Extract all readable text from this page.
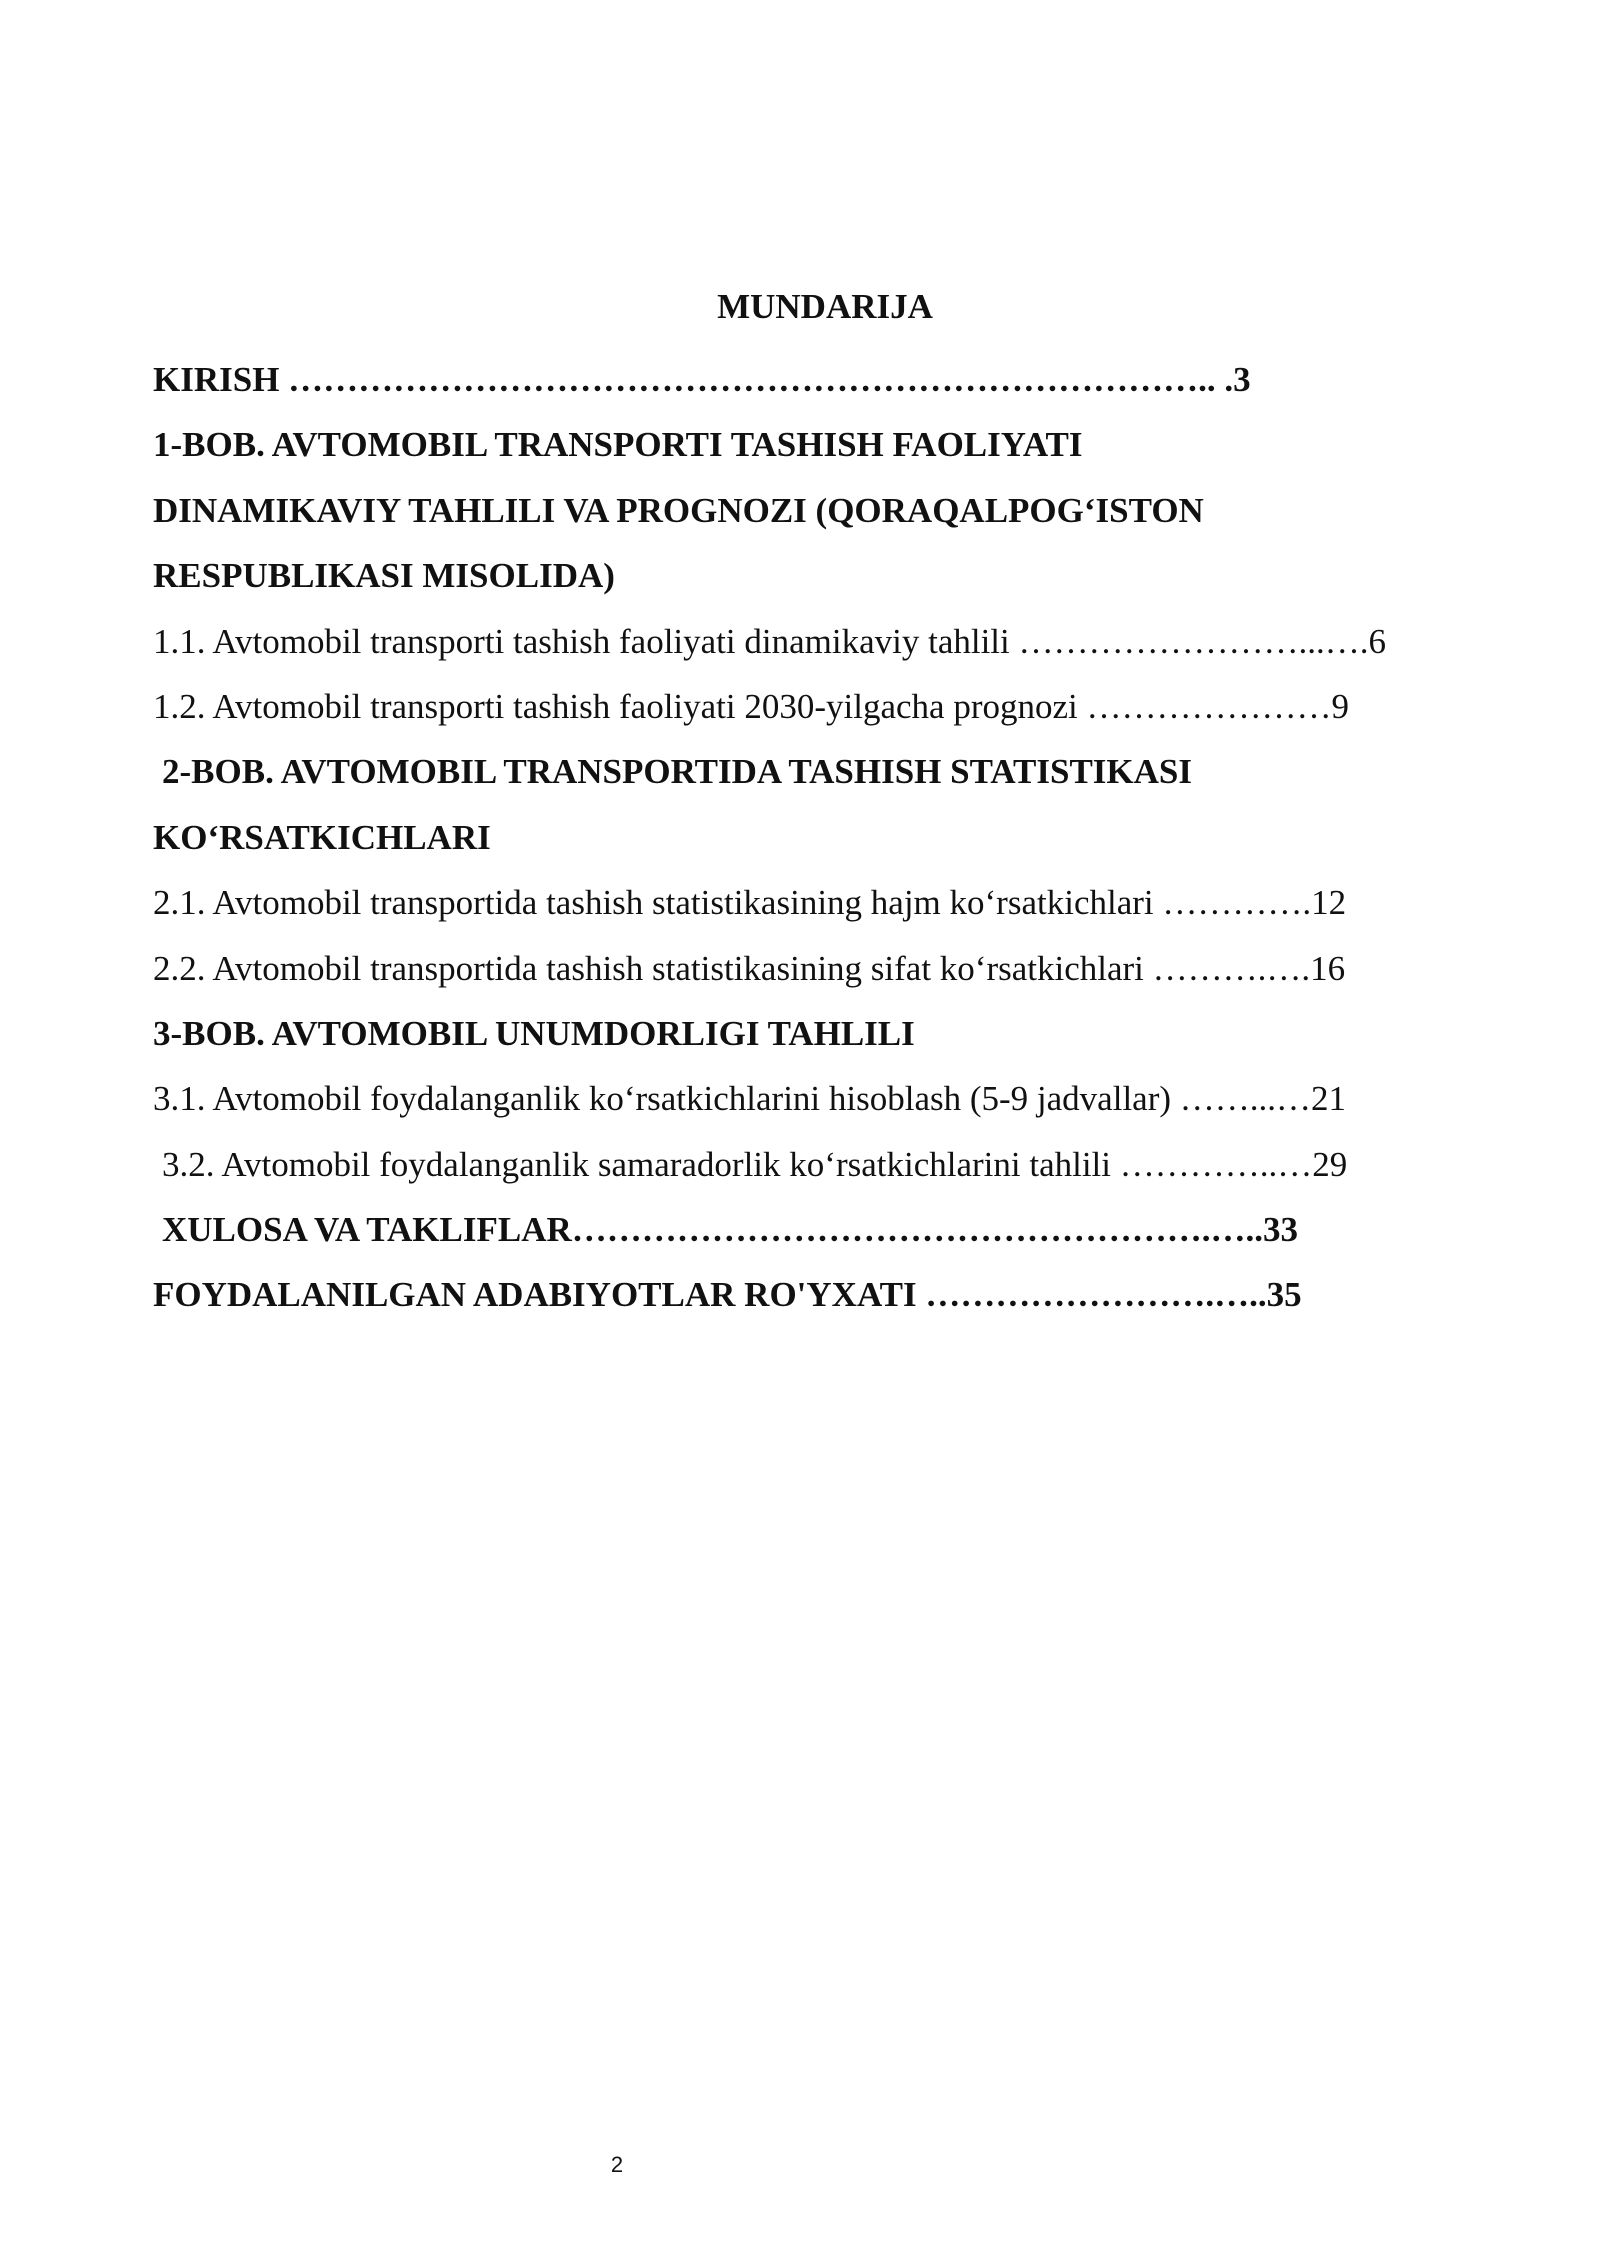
MUNDARIJA
KIRISH …………………………………………………………………….. .3
1-BOB. AVTOMOBIL TRANSPORTI TASHISH FAOLIYATI
DINAMIKAVIY TAHLILI VA PROGNOZI (QORAQALPOG‘ISTON
RESPUBLIKASI MISOLIDA)
1.1. Avtomobil transporti tashish faoliyati dinamikaviy tahlili ……………………...….6
1.2. Avtomobil transporti tashish faoliyati 2030-yilgacha prognozi …………………9
2-BOB. AVTOMOBIL TRANSPORTIDA TASHISH STATISTIKASI
KO‘RSATKICHLARI
2.1. Avtomobil transportida tashish statistikasining hajm ko‘rsatkichlari ………….12
2.2. Avtomobil transportida tashish statistikasining sifat ko‘rsatkichlari ……….….16
3-BOB. AVTOMOBIL UNUMDORLIGI TAHLILI
3.1. Avtomobil foydalanganlik ko‘rsatkichlarini hisoblash (5-9 jadvallar) ……...…21
3.2. Avtomobil foydalanganlik samaradorlik ko‘rsatkichlarini tahlili …………..…29
XULOSA VA TAKLIFLAR……………………………………………….…..33
FOYDALANILGAN ADABIYOTLAR RO'YXATI …………………….…..35
2
